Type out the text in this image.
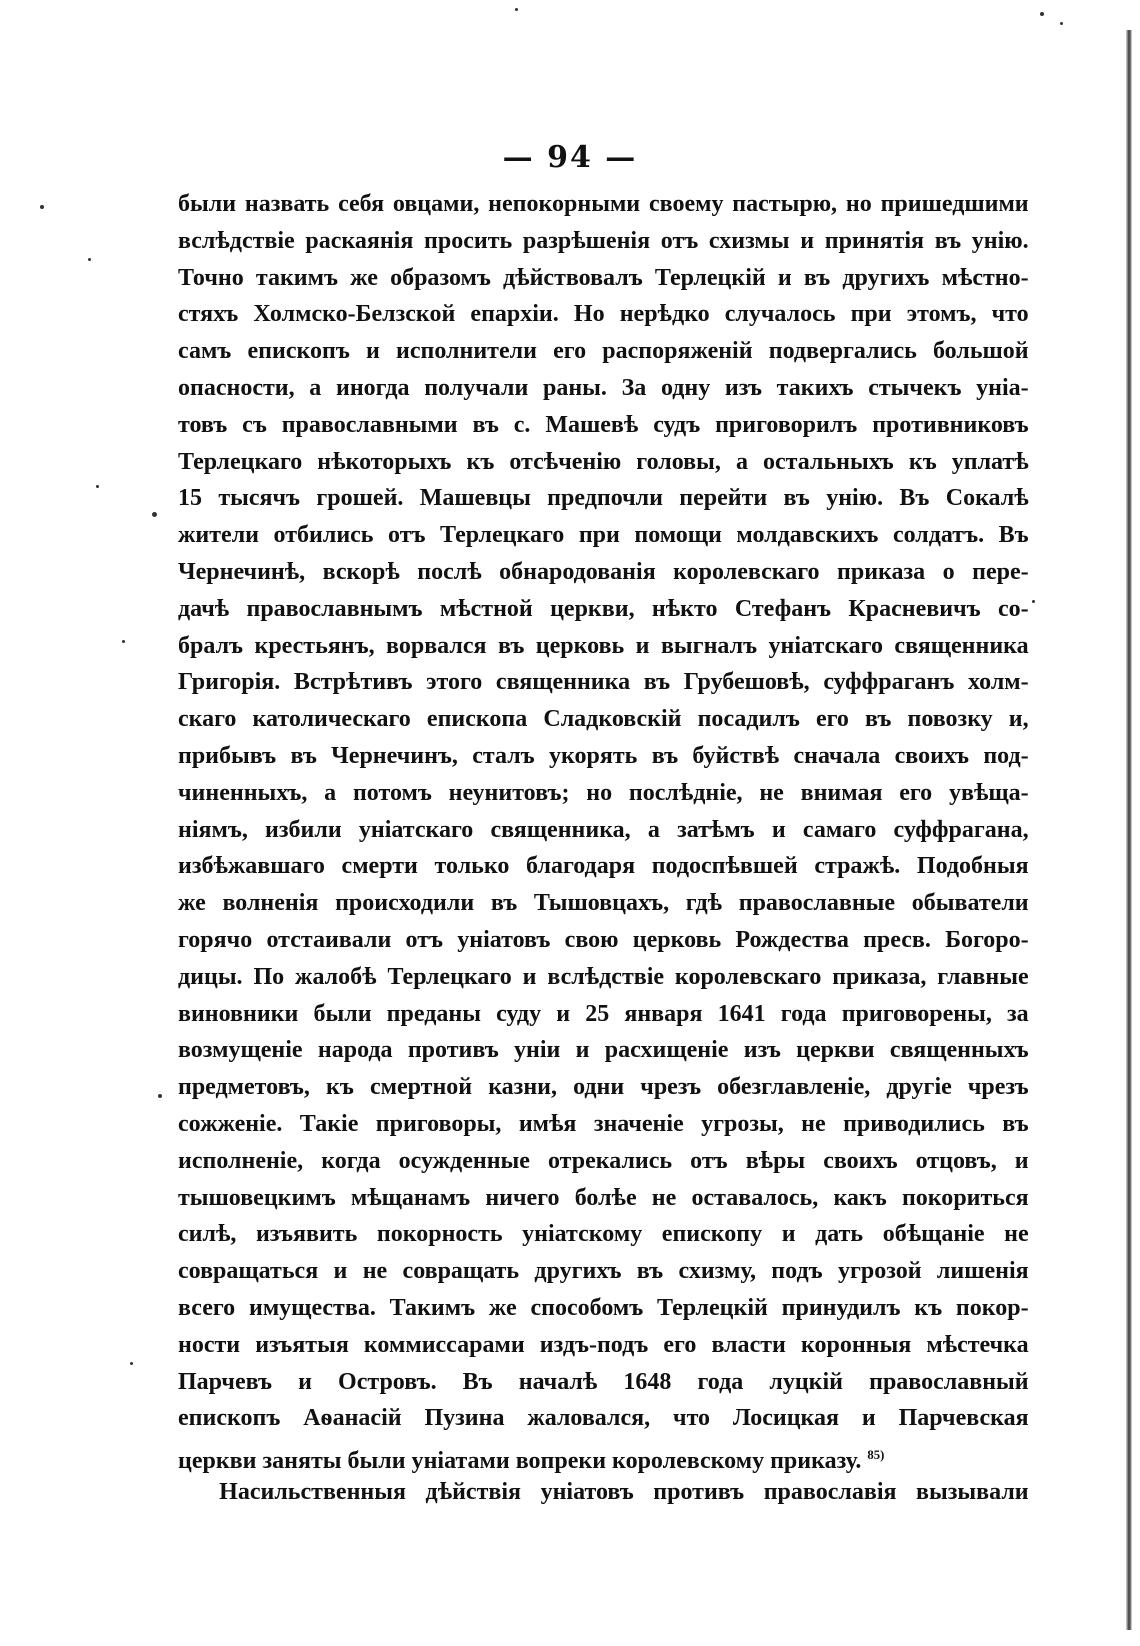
— 94 —
были назвать себя овцами, непокорными своему пастырю, но пришедшими
вслѣдствіе раскаянія просить разрѣшенія отъ схизмы и принятія въ унію.
Точно такимъ же образомъ дѣйствовалъ Терлецкій и въ другихъ мѣстно-
стяхъ Холмско-Белзской епархіи. Но нерѣдко случалось при этомъ, что
самъ епископъ и исполнители его распоряженій подвергались большой
опасности, а иногда получали раны. За одну изъ такихъ стычекъ уніа-
товъ съ православными въ с. Машевѣ судъ приговорилъ противниковъ
Терлецкаго нѣкоторыхъ къ отсѣченію головы, а остальныхъ къ уплатѣ
15 тысячъ грошей. Машевцы предпочли перейти въ унію. Въ Сокалѣ
жители отбились отъ Терлецкаго при помощи молдавскихъ солдатъ. Въ
Чернечинѣ, вскорѣ послѣ обнародованія королевскаго приказа о пере-
дачѣ православнымъ мѣстной церкви, нѣкто Стефанъ Красневичъ со-
бралъ крестьянъ, ворвался въ церковь и выгналъ уніатскаго священника
Григорія. Встрѣтивъ этого священника въ Грубешовѣ, суффраганъ холм-
скаго католическаго епископа Сладковскій посадилъ его въ повозку и,
прибывъ въ Чернечинъ, сталъ укорять въ буйствѣ сначала своихъ под-
чиненныхъ, а потомъ неунитовъ; но послѣдніе, не внимая его увѣща-
ніямъ, избили уніатскаго священника, а затѣмъ и самаго суффрагана,
избѣжавшаго смерти только благодаря подоспѣвшей стражѣ. Подобныя
же волненія происходили въ Тышовцахъ, гдѣ православные обыватели
горячо отстаивали отъ уніатовъ свою церковь Рождества пресв. Богоро-
дицы. По жалобѣ Терлецкаго и вслѣдствіе королевскаго приказа, главные
виновники были преданы суду и 25 января 1641 года приговорены, за
возмущеніе народа противъ уніи и расхищеніе изъ церкви священныхъ
предметовъ, къ смертной казни, одни чрезъ обезглавленіе, другіе чрезъ
сожженіе. Такіе приговоры, имѣя значеніе угрозы, не приводились въ
исполненіе, когда осужденные отрекались отъ вѣры своихъ отцовъ, и
тышовецкимъ мѣщанамъ ничего болѣе не оставалось, какъ покориться
силѣ, изъявить покорность уніатскому епископу и дать обѣщаніе не
совращаться и не совращать другихъ въ схизму, подъ угрозой лишенія
всего имущества. Такимъ же способомъ Терлецкій принудилъ къ покор-
ности изъятыя коммиссарами издъ-подъ его власти коронныя мѣстечка
Парчевъ и Островъ. Въ началѣ 1648 года луцкій православный
епископъ Аѳанасій Пузина жаловался, что Лосицкая и Парчевская
церкви заняты были уніатами вопреки королевскому приказу. $^{85)}$
Насильственныя дѣйствія уніатовъ противъ православія вызывали
